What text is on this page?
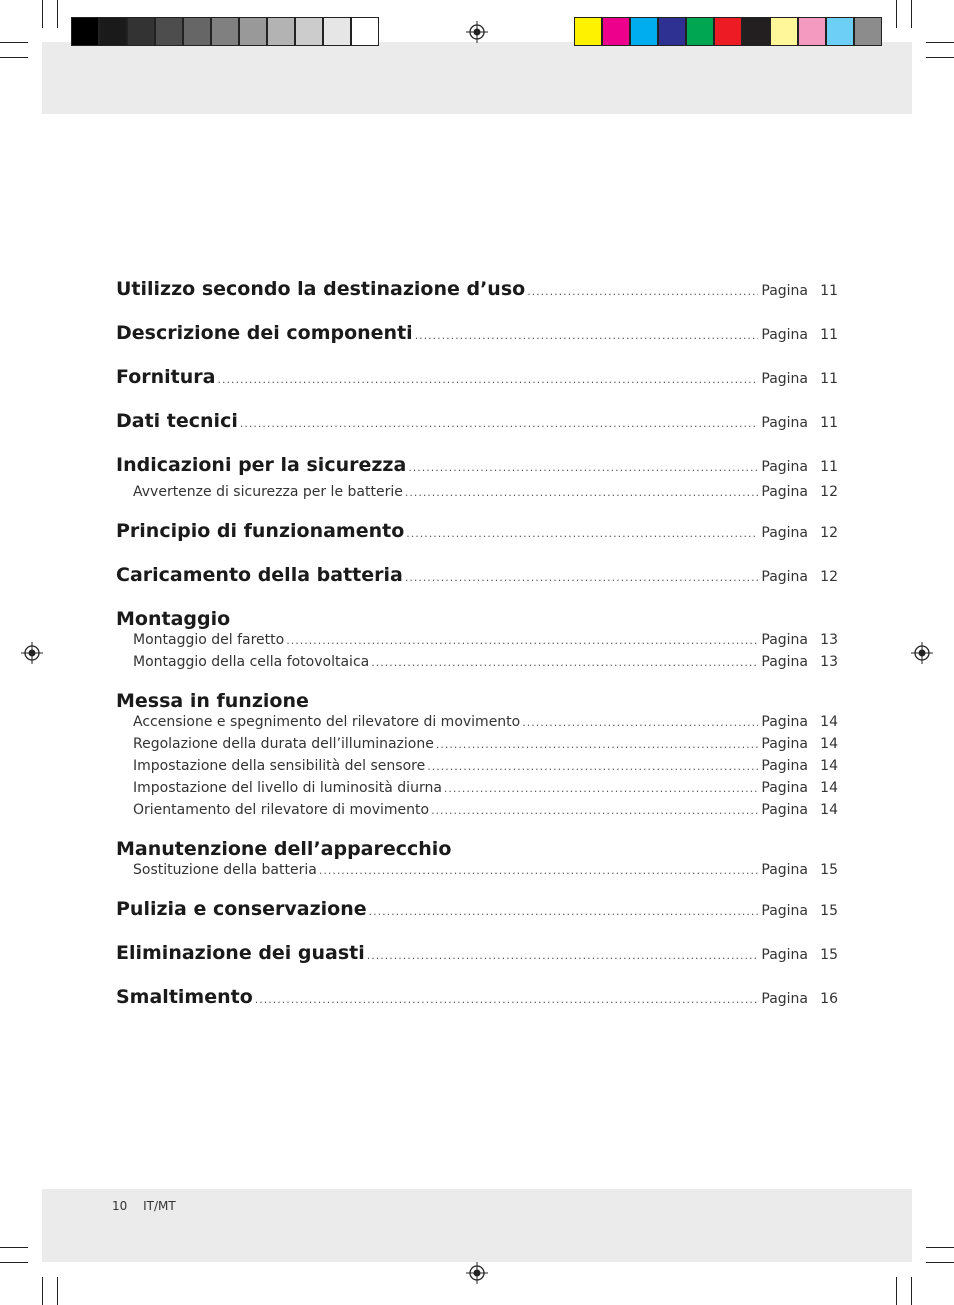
Utilizzo secondo la destinazione d’uso .....	Pagina 11
Descrizione dei componenti .....	Pagina 11
Fornitura .....	Pagina 11
Dati tecnici .....	Pagina 11
Indicazioni per la sicurezza .....	Pagina 11
Avvertenze di sicurezza per le batterie .....	Pagina 12
Principio di funzionamento .....	Pagina 12
Caricamento della batteria .....	Pagina 12
Montaggio
Montaggio del faretto .....	Pagina 13
Montaggio della cella fotovoltaica .....	Pagina 13
Messa in funzione
Accensione e spegnimento del rilevatore di movimento .....	Pagina 14
Regolazione della durata dell’illuminazione .....	Pagina 14
Impostazione della sensibilità del sensore .....	Pagina 14
Impostazione del livello di luminosità diurna .....	Pagina 14
Orientamento del rilevatore di movimento .....	Pagina 14
Manutenzione dell’apparecchio
Sostituzione della batteria .....	Pagina 15
Pulizia e conservazione .....	Pagina 15
Eliminazione dei guasti .....	Pagina 15
Smaltimento .....	Pagina 16
10 IT/MT
